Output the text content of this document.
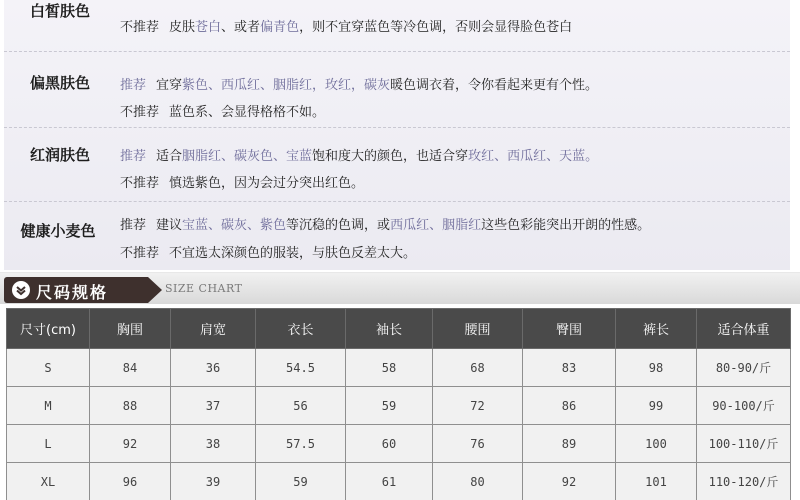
白皙肤色
不推荐 皮肤苍白、或者偏青色，则不宜穿蓝色等冷色调，否则会显得脸色苍白
偏黑肤色	推荐 宜穿紫色、西瓜红、胭脂红，玫红，碳灰暖色调衣着，令你看起来更有个性。
不推荐 蓝色系、会显得格格不如。
红润肤色	推荐 适合胭脂红、碳灰色、宝蓝饱和度大的颜色，也适合穿玫红、西瓜红、天蓝。
不推荐 慎选紫色，因为会过分突出红色。
健康小麦色	推荐 建议宝蓝、碳灰、紫色等沉稳的色调，或西瓜红、胭脂红这些色彩能突出开朗的性感。
不推荐 不宜选太深颜色的服装，与肤色反差太大。
尺码规格	SIZE CHART
尺寸(cm)	胸围	肩宽	衣长	袖长	腰围	臀围	裤长	适合体重
S	84	36	54.5	58	68	83	98	80-90/斤
M	88	37	56	59	72	86	99	90-100/斤
L	92	38	57.5	60	76	89	100	100-110/斤
XL	96	39	59	61	80	92	101	110-120/斤
